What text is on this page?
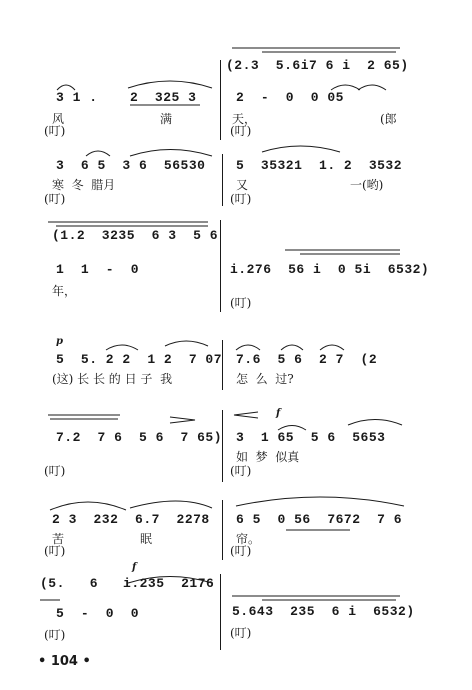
(2.3  5.6i7 6 i  2 65)
3 1 . 2  325 3	2  -  0  0 05
风	满	天，	(郎
(叮)	(叮)
3  6 5  3 6  56530 5  35321  1. 2  3532
寒  冬  腊月	又	一(哟)
(叮)	(叮)
(1.2  3235  6 3  5 6
1  1  -  0	i.276  56 i  0 5i  6532)
年，
(叮)
p
5  5. 2 2  1 2  7 07 7.6  5 6  2 7  (2
(这) 长 长 的 日 子  我	怎  么  过?
7.2  7 6  5 6  7 65)
f
3  1 65  5 6  5653
如  梦  似真
(叮)	(叮)
2 3  232  6.7  2278 6 5  0 56  7672  7 6
苦	眠	帘。
(叮)	(叮)
f
(5.   6   i.235  2176
5  -  0  0	5.643  235  6 i  6532)
(叮)	(叮)
• 104 •
